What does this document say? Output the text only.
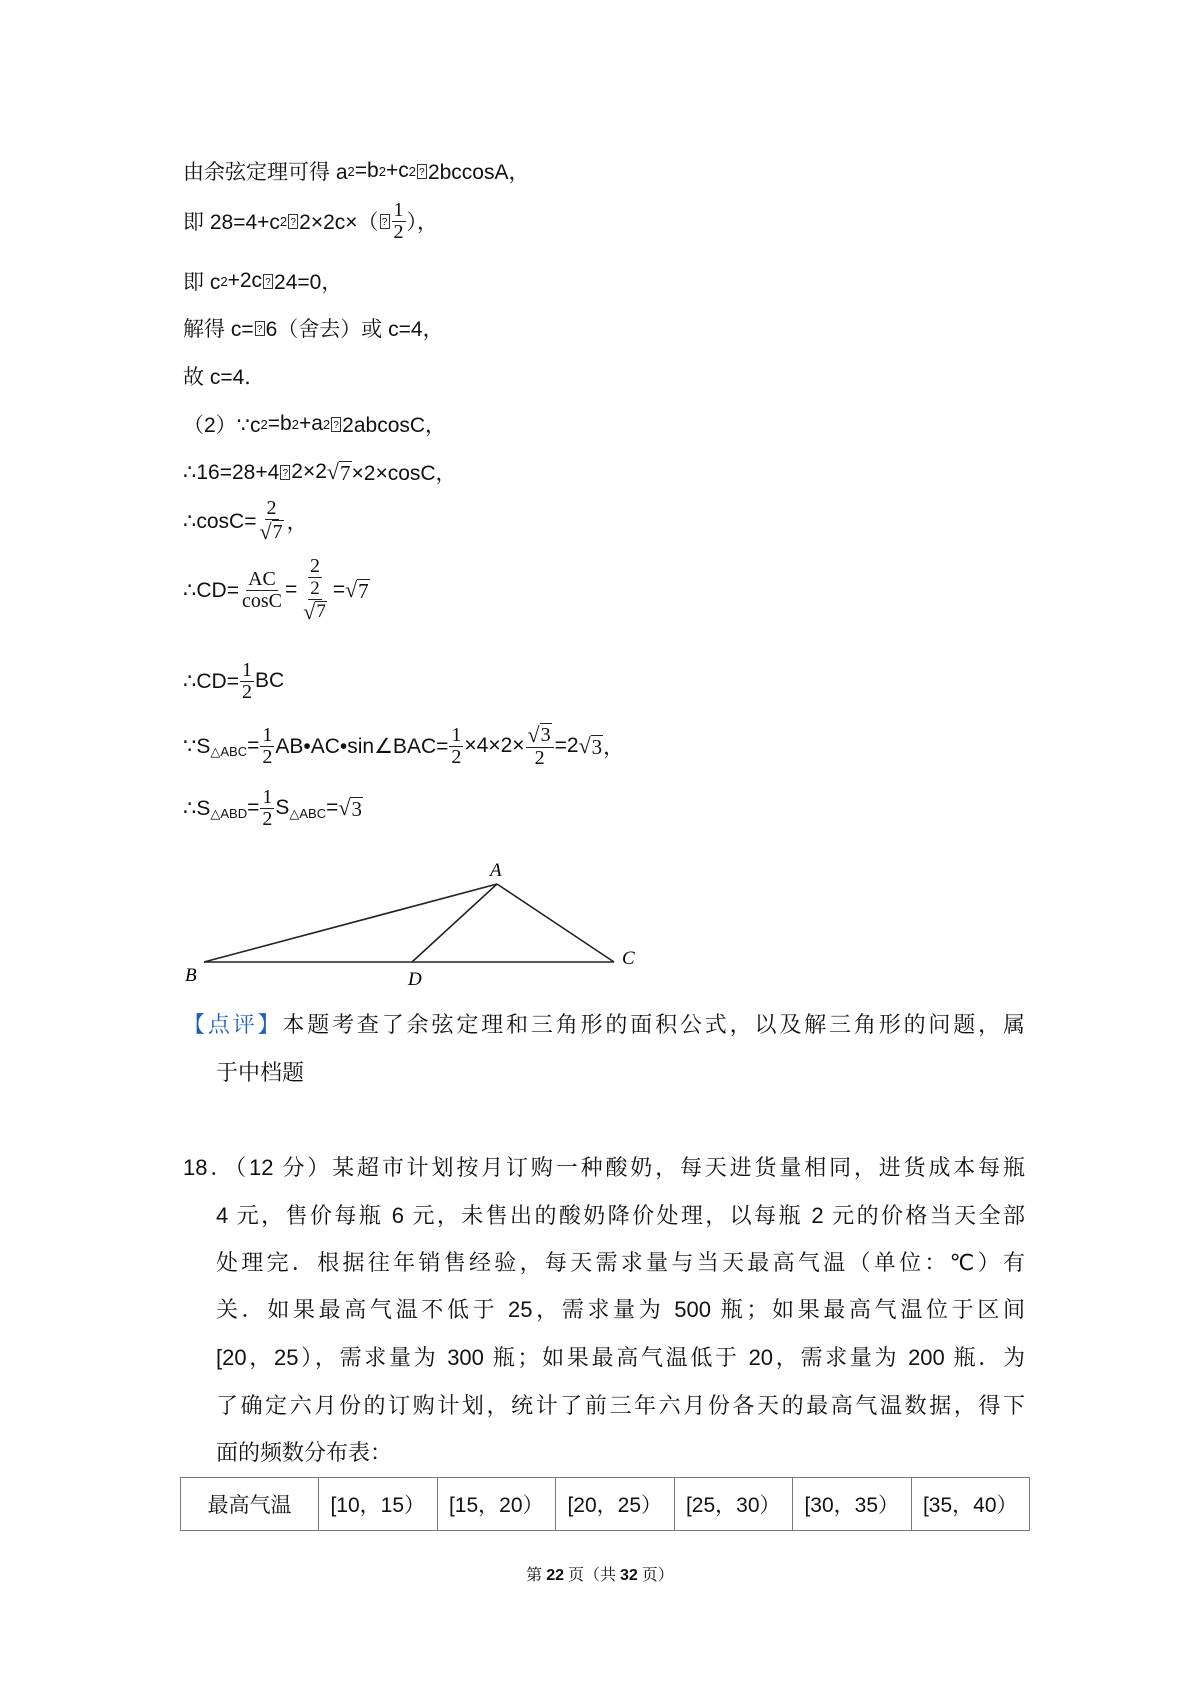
由余弦定理可得 a 2 =b 2 +c 2 ? 2bccosA，
即 28=4+c 2 ? 2×2c×（ ? $\frac{1}{2}$ ），
即 c 2 +2c ? 24=0，
解得 c= ? 6（舍去）或 c=4，
故 c=4．
（2）∵c 2 =b 2 +a 2 ? 2abcosC，
∴16=28+4 ? 2×2 √ 7 ×2×cosC，
∴cosC= $\frac{2}{√ 7}$ ，
∴CD= $\frac{AC}{\cos C} = \frac{2}{\frac{2}{√ 7}}$ = √ 7
∴CD= $\frac{1}{2}$ BC
∵S △ABC = $\frac{1}{2}$ AB•AC•sin∠BAC= $\frac{1}{2} \times 4\times 2\times \frac{√ 3}{2} =2$ √ 3 ，
∴S △ABD = $\frac{1}{2}$ S △ABC = √ 3
A
B
C
D
【点评】本题考查了余弦定理和三角形的面积公式，以及解三角形的问题，属
于中档题
18．（12 分）某超市计划按月订购一种酸奶，每天进货量相同，进货成本每瓶
4 元，售价每瓶 6 元，未售出的酸奶降价处理，以每瓶 2 元的价格当天全部
处理完．根据往年销售经验，每天需求量与当天最高气温（单位：℃）有
关．如果最高气温不低于 25，需求量为 500 瓶；如果最高气温位于区间
[20，25），需求量为 300 瓶；如果最高气温低于 20，需求量为 200 瓶．为
了确定六月份的订购计划，统计了前三年六月份各天的最高气温数据，得下
面的频数分布表：
最高气温	[10，15）	[15，20）	[20，25）	[25，30）	[30，35）	[35，40）
第 22 页（共 32 页）
